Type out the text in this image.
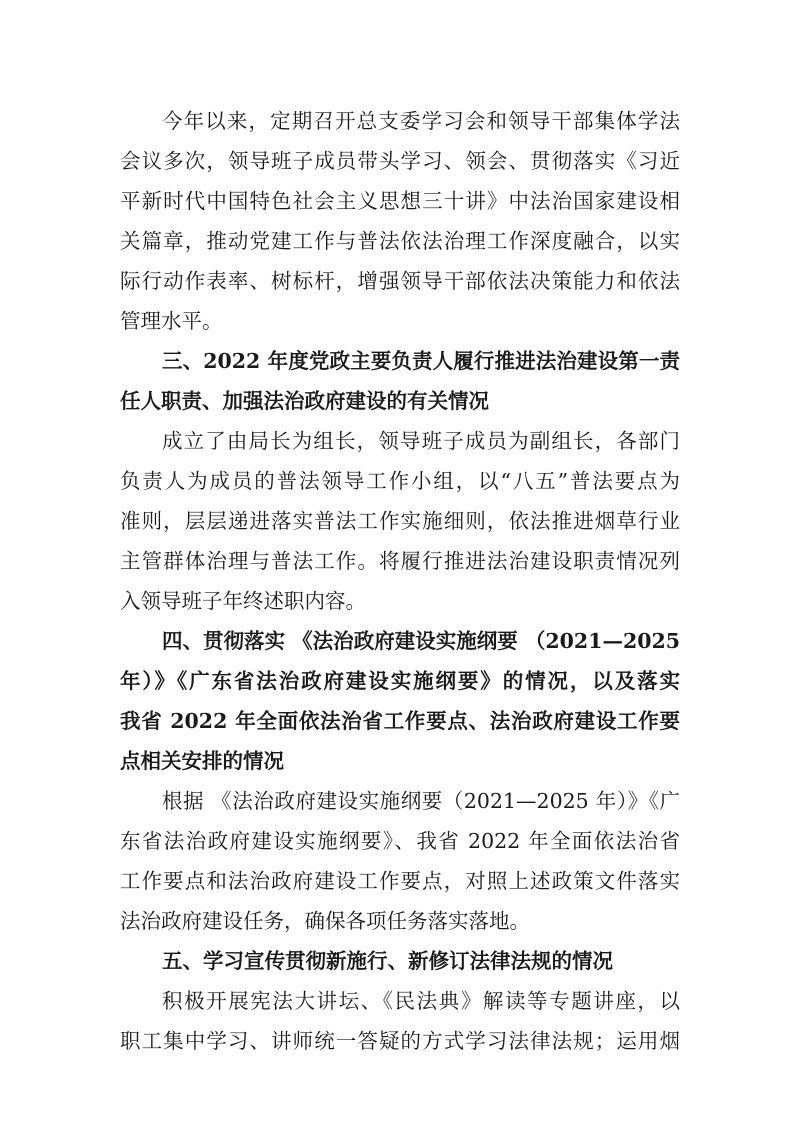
今年以来，定期召开总支委学习会和领导干部集体学法
会议多次，领导班子成员带头学习、领会、贯彻落实《习近
平新时代中国特色社会主义思想三十讲》中法治国家建设相
关篇章，推动党建工作与普法依法治理工作深度融合，以实
际行动作表率、树标杆，增强领导干部依法决策能力和依法
管理水平。
三、2022 年度党政主要负责人履行推进法治建设第一责
任人职责、加强法治政府建设的有关情况
成立了由局长为组长，领导班子成员为副组长，各部门
负责人为成员的普法领导工作小组，以“八五”普法要点为
准则，层层递进落实普法工作实施细则，依法推进烟草行业
主管群体治理与普法工作。将履行推进法治建设职责情况列
入领导班子年终述职内容。
四、贯彻落实 《法治政府建设实施纲要 （2021—2025
年）》《广东省法治政府建设实施纲要》的情况，以及落实
我省 2022 年全面依法治省工作要点、法治政府建设工作要
点相关安排的情况
根据 《法治政府建设实施纲要（2021—2025 年）》《广
东省法治政府建设实施纲要》、我省 2022 年全面依法治省
工作要点和法治政府建设工作要点，对照上述政策文件落实
法治政府建设任务，确保各项任务落实落地。
五、学习宣传贯彻新施行、新修订法律法规的情况
积极开展宪法大讲坛、《民法典》解读等专题讲座，以
职工集中学习、讲师统一答疑的方式学习法律法规；运用烟
